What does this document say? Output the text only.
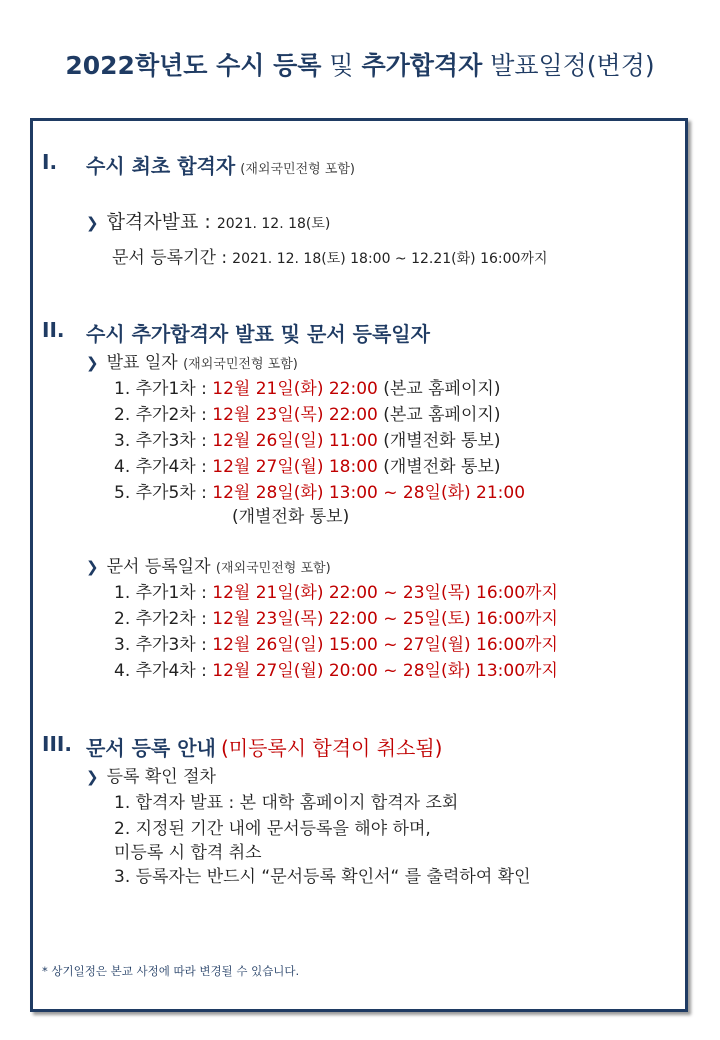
2022학년도 수시 등록 및 추가합격자 발표일정(변경)
I. 수시 최초 합격자 (재외국민전형 포함)
❯ 합격자발표 : 2021. 12. 18(토)
문서 등록기간 : 2021. 12. 18(토) 18:00 ~ 12.21(화) 16:00까지
II. 수시 추가합격자 발표 및 문서 등록일자
❯ 발표 일자 (재외국민전형 포함)
1. 추가1차 : 12월 21일(화) 22:00 (본교 홈페이지)
2. 추가2차 : 12월 23일(목) 22:00 (본교 홈페이지)
3. 추가3차 : 12월 26일(일) 11:00 (개별전화 통보)
4. 추가4차 : 12월 27일(월) 18:00 (개별전화 통보)
5. 추가5차 : 12월 28일(화) 13:00 ~ 28일(화) 21:00
(개별전화 통보)
❯ 문서 등록일자 (재외국민전형 포함)
1. 추가1차 : 12월 21일(화) 22:00 ~ 23일(목) 16:00까지
2. 추가2차 : 12월 23일(목) 22:00 ~ 25일(토) 16:00까지
3. 추가3차 : 12월 26일(일) 15:00 ~ 27일(월) 16:00까지
4. 추가4차 : 12월 27일(월) 20:00 ~ 28일(화) 13:00까지
III. 문서 등록 안내 (미등록시 합격이 취소됨)
❯ 등록 확인 절차
1. 합격자 발표 : 본 대학 홈페이지 합격자 조회
2. 지정된 기간 내에 문서등록을 해야 하며,
미등록 시 합격 취소
3. 등록자는 반드시 “문서등록 확인서“ 를 출력하여 확인
* 상기일정은 본교 사정에 따라 변경될 수 있습니다.
